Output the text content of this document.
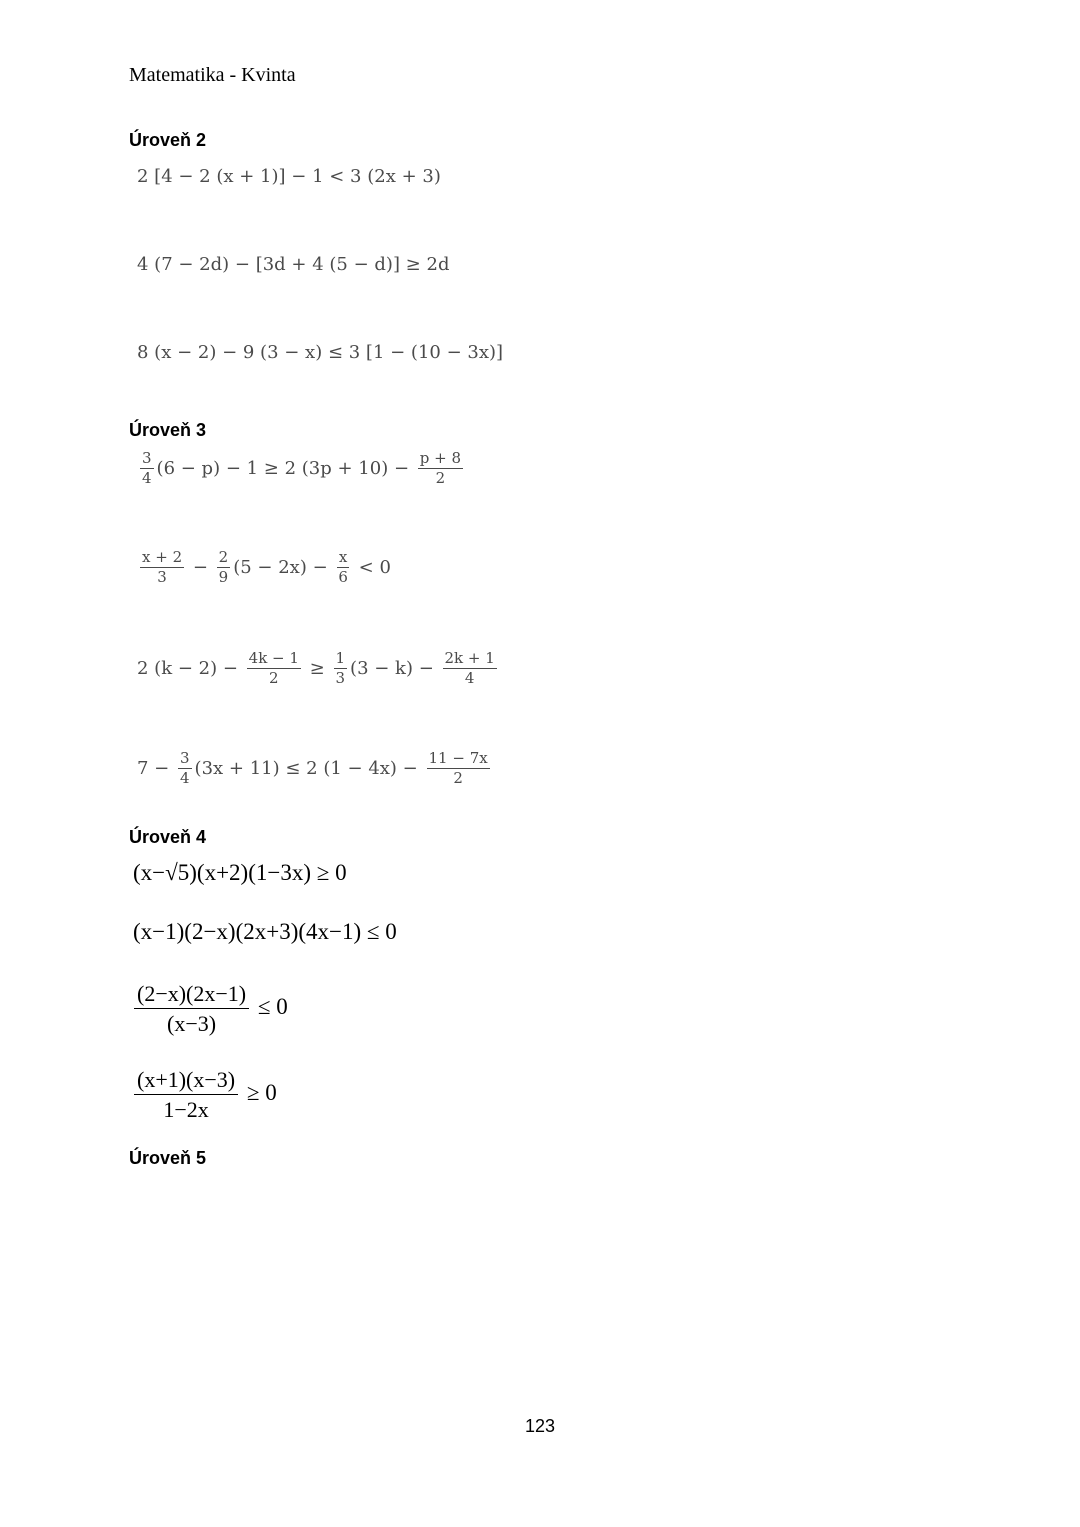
Matematika - Kvinta
Úroveň 2
2 [4 − 2 (x + 1)] − 1 < 3 (2x + 3)
4 (7 − 2d) − [3d + 4 (5 − d)] ≥ 2d
8 (x − 2) − 9 (3 − x) ≤ 3 [1 − (10 − 3x)]
Úroveň 3
$\frac{3}{4} (6 - p) - 1 \ge 2$ $(3p + 10) - \frac{p + 8}{2}$
$\frac{x + 2}{3} - \frac{2}{9} (5 - 2x) - \frac{x}{6} < 0$
2 $(k - 2) - \frac{4k - 1}{2} \ge \frac{1}{3} (3 - k) - \frac{2k + 1}{4}$
$7 - \frac{3}{4} (3x + 11) \le 2$ $(1 - 4x) - \frac{11 - 7x}{2}$
Úroveň 4
(x−√5)(x+2)(1−3x) ≥ 0
(x−1)(2−x)(2x+3)(4x−1) ≤ 0
$\frac{(2-x)(2x-1)}{(x-3)} \le 0$
$\frac{(x+1)(x-3)}{1-2x} \ge 0$
Úroveň 5
123
